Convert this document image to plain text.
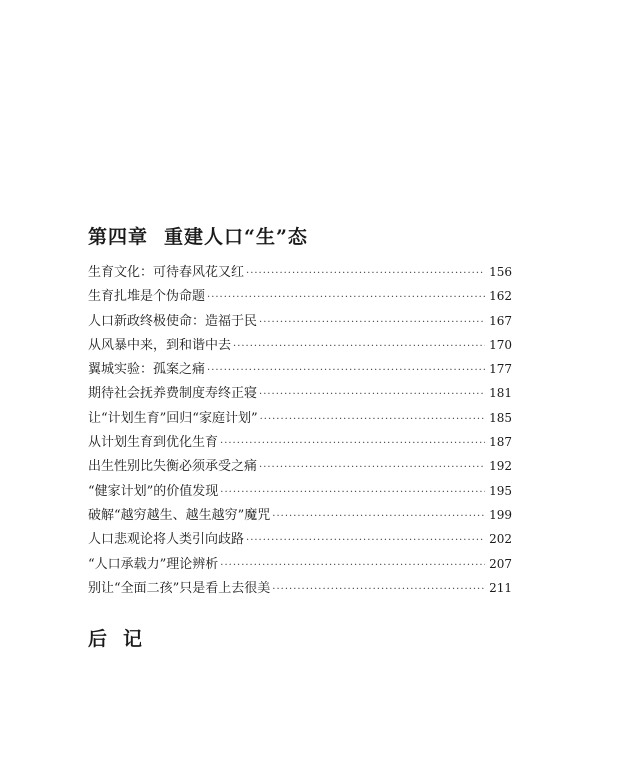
第四章 重建人口“生”态
生育文化：可待春风花又红 ·····	156
生育扎堆是个伪命题 ·····	162
人口新政终极使命：造福于民 ·····	167
从风暴中来，到和谐中去 ·····	170
翼城实验：孤案之痛 ·····	177
期待社会抚养费制度寿终正寝 ·····	181
让“计划生育”回归“家庭计划” ·····	185
从计划生育到优化生育 ·····	187
出生性别比失衡必须承受之痛 ·····	192
“健家计划”的价值发现 ·····	195
破解“越穷越生、越生越穷”魔咒 ·····	199
人口悲观论将人类引向歧路 ·····	202
“人口承载力”理论辨析 ·····	207
别让“全面二孩”只是看上去很美 ·····	211
后记
